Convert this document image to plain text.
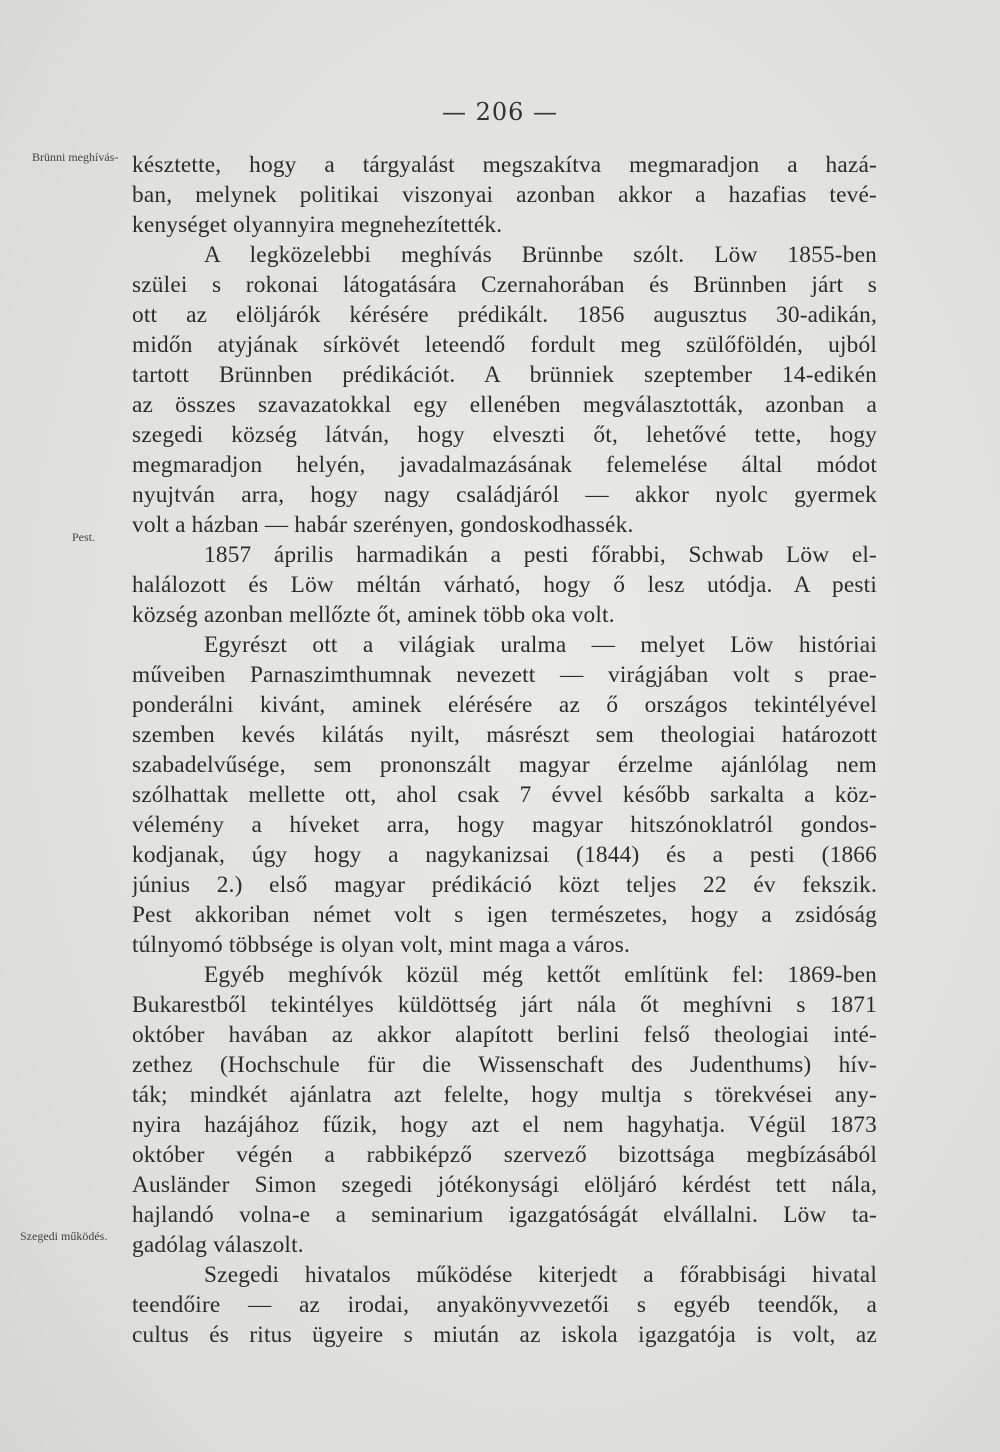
— 206 —
Brünni meghívás-
Pest.
Szegedi működés.
késztette, hogy a tárgyalást megszakítva megmaradjon a hazá-
ban, melynek politikai viszonyai azonban akkor a hazafias tevé-
kenységet olyannyira megnehezítették.
A legközelebbi meghívás Brünnbe szólt. Löw 1855-ben
szülei s rokonai látogatására Czernahorában és Brünnben járt s
ott az elöljárók kérésére prédikált. 1856 augusztus 30-adikán,
midőn atyjának sírkövét leteendő fordult meg szülőföldén, ujból
tartott Brünnben prédikációt. A brünniek szeptember 14-edikén
az összes szavazatokkal egy ellenében megválasztották, azonban a
szegedi község látván, hogy elveszti őt, lehetővé tette, hogy
megmaradjon helyén, javadalmazásának felemelése által módot
nyujtván arra, hogy nagy családjáról — akkor nyolc gyermek
volt a házban — habár szerényen, gondoskodhassék.
1857 április harmadikán a pesti főrabbi, Schwab Löw el-
halálozott és Löw méltán várható, hogy ő lesz utódja. A pesti
község azonban mellőzte őt, aminek több oka volt.
Egyrészt ott a világiak uralma — melyet Löw históriai
műveiben Parnaszimthumnak nevezett — virágjában volt s prae-
ponderálni kivánt, aminek elérésére az ő országos tekintélyével
szemben kevés kilátás nyilt, másrészt sem theologiai határozott
szabadelvűsége, sem prononszált magyar érzelme ajánlólag nem
szólhattak mellette ott, ahol csak 7 évvel később sarkalta a köz-
vélemény a híveket arra, hogy magyar hitszónoklatról gondos-
kodjanak, úgy hogy a nagykanizsai (1844) és a pesti (1866
június 2.) első magyar prédikáció közt teljes 22 év fekszik.
Pest akkoriban német volt s igen természetes, hogy a zsidóság
túlnyomó többsége is olyan volt, mint maga a város.
Egyéb meghívók közül még kettőt említünk fel: 1869-ben
Bukarestből tekintélyes küldöttség járt nála őt meghívni s 1871
október havában az akkor alapított berlini felső theologiai inté-
zethez (Hochschule für die Wissenschaft des Judenthums) hív-
ták; mindkét ajánlatra azt felelte, hogy multja s törekvései any-
nyira hazájához fűzik, hogy azt el nem hagyhatja. Végül 1873
október végén a rabbiképző szervező bizottsága megbízásából
Ausländer Simon szegedi jótékonysági elöljáró kérdést tett nála,
hajlandó volna-e a seminarium igazgatóságát elvállalni. Löw ta-
gadólag válaszolt.
Szegedi hivatalos működése kiterjedt a főrabbisági hivatal
teendőire — az irodai, anyakönyvvezetői s egyéb teendők, a
cultus és ritus ügyeire s miután az iskola igazgatója is volt, az
